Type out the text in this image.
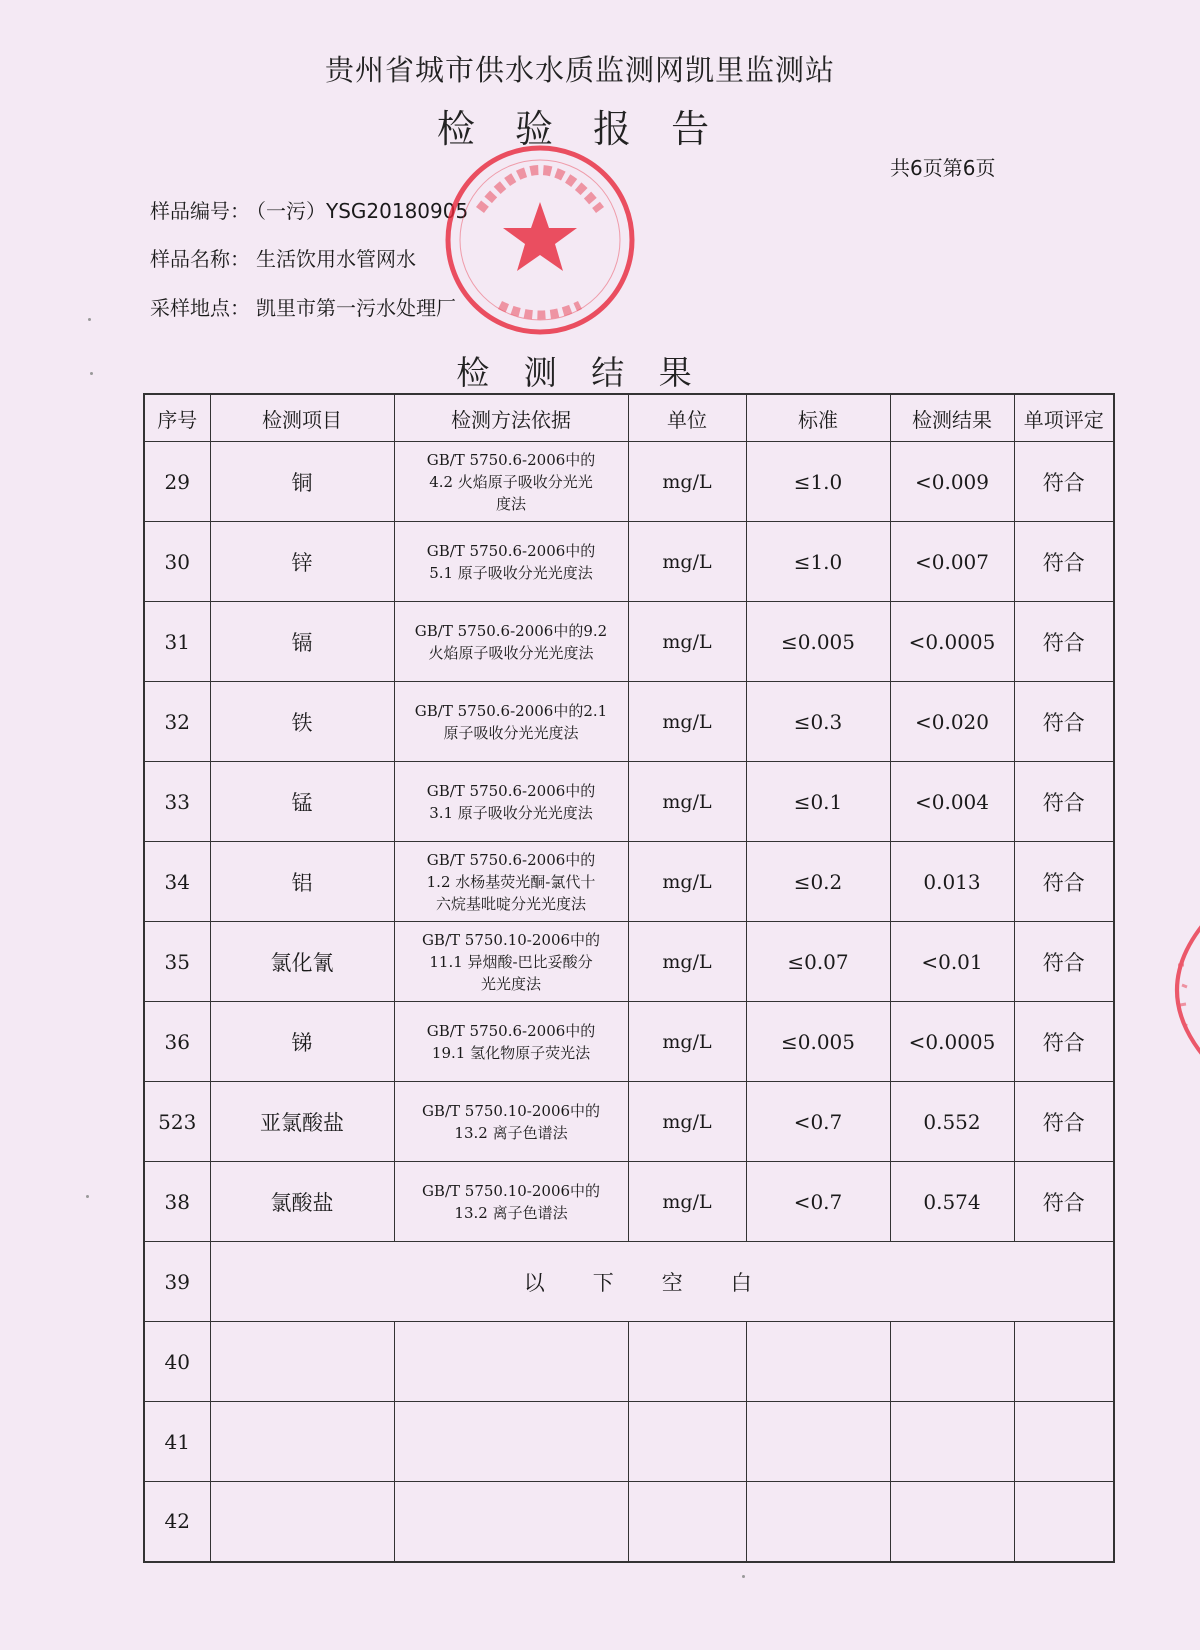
贵州省城市供水水质监测网凯里监测站
检 验 报 告
共6页第6页
样品编号： （一污）YSG20180905
样品名称： 生活饮用水管网水
采样地点： 凯里市第一污水处理厂
检 测 结 果
序号	检测项目	检测方法依据	单位	标准	检测结果	单项评定
29	铜	GB/T 5750.6-2006中的
4.2 火焰原子吸收分光光
度法	mg/L	≤1.0	<0.009	符合
30	锌	GB/T 5750.6-2006中的
5.1 原子吸收分光光度法	mg/L	≤1.0	<0.007	符合
31	镉	GB/T 5750.6-2006中的9.2
火焰原子吸收分光光度法	mg/L	≤0.005	<0.0005	符合
32	铁	GB/T 5750.6-2006中的2.1
原子吸收分光光度法	mg/L	≤0.3	<0.020	符合
33	锰	GB/T 5750.6-2006中的
3.1 原子吸收分光光度法	mg/L	≤0.1	<0.004	符合
34	铝	GB/T 5750.6-2006中的
1.2 水杨基荧光酮-氯代十
六烷基吡啶分光光度法	mg/L	≤0.2	0.013	符合
35	氯化氰	GB/T 5750.10-2006中的
11.1 异烟酸-巴比妥酸分
光光度法	mg/L	≤0.07	<0.01	符合
36	锑	GB/T 5750.6-2006中的
19.1 氢化物原子荧光法	mg/L	≤0.005	<0.0005	符合
523	亚氯酸盐	GB/T 5750.10-2006中的
13.2 离子色谱法	mg/L	<0.7	0.552	符合
38	氯酸盐	GB/T 5750.10-2006中的
13.2 离子色谱法	mg/L	<0.7	0.574	符合
39	以下空白					
40						
41						
42						
